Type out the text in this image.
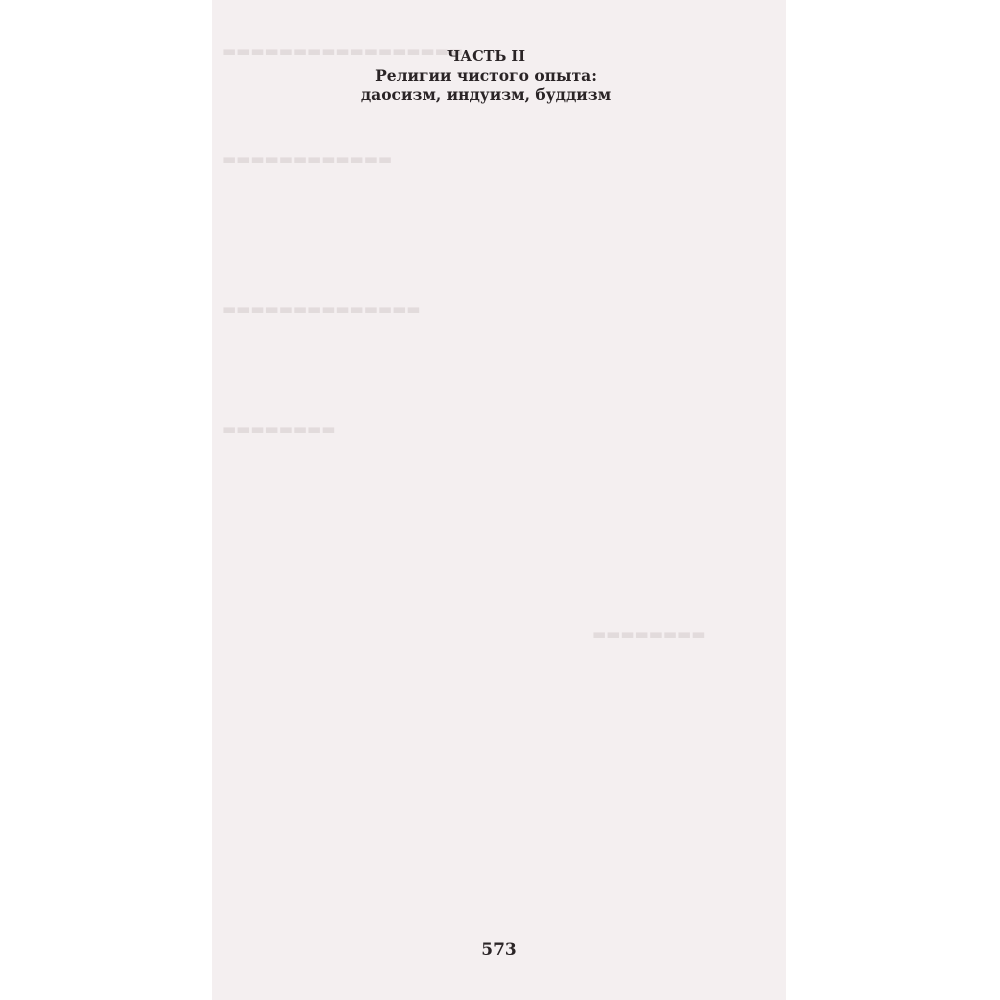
▬▬▬▬▬▬▬▬▬▬▬▬▬▬▬▬▬
▬▬▬▬▬▬▬▬▬▬▬▬
▬▬▬▬▬▬▬▬▬▬▬▬▬▬
▬▬▬▬▬▬▬▬
▬▬▬▬▬▬▬▬
573
ЧАСТЬ II
Религии чистого опыта:
даосизм, индуизм, буддизм
